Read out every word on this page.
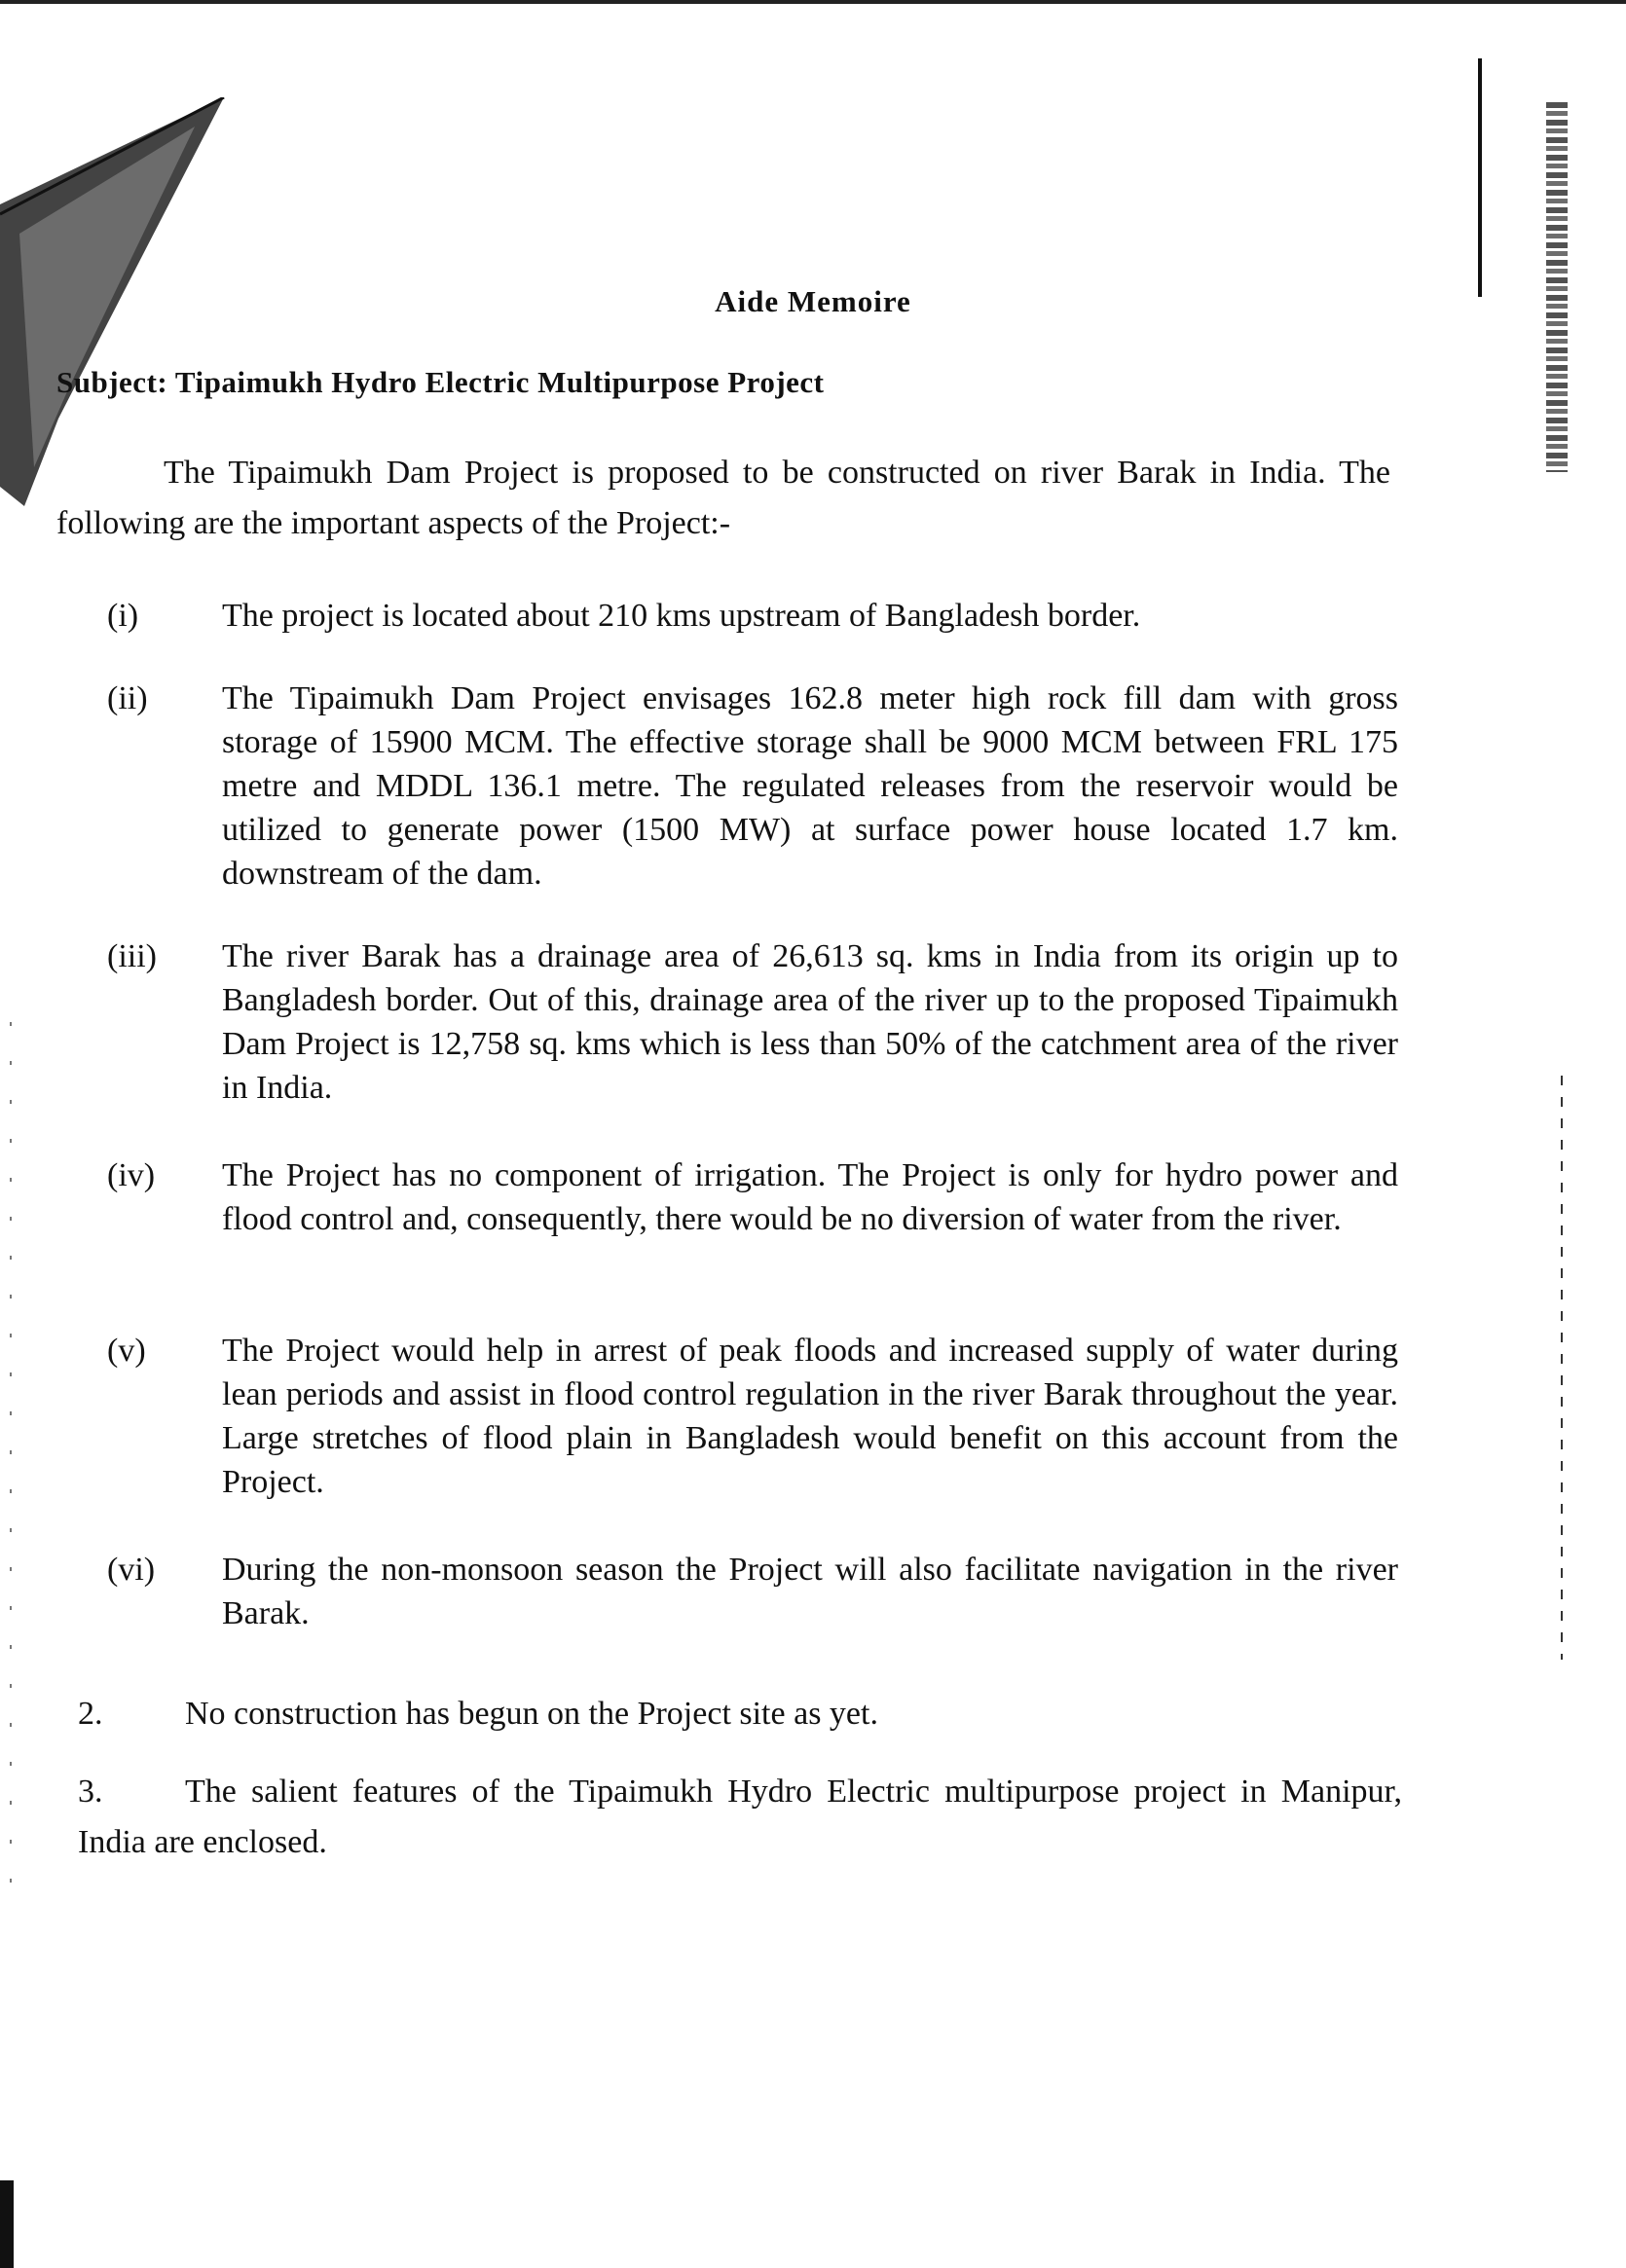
Aide Memoire
Subject: Tipaimukh Hydro Electric Multipurpose Project
The Tipaimukh Dam Project is proposed to be constructed on river Barak in India. The following are the important aspects of the Project:-
(i)	The project is located about 210 kms upstream of Bangladesh border.
(ii)	The Tipaimukh Dam Project envisages 162.8 meter high rock fill dam with gross storage of 15900 MCM. The effective storage shall be 9000 MCM between FRL 175 metre and MDDL 136.1 metre. The regulated releases from the reservoir would be utilized to generate power (1500 MW) at surface power house located 1.7 km. downstream of the dam.
(iii)	The river Barak has a drainage area of 26,613 sq. kms in India from its origin up to Bangladesh border. Out of this, drainage area of the river up to the proposed Tipaimukh Dam Project is 12,758 sq. kms which is less than 50% of the catchment area of the river in India.
(iv)	The Project has no component of irrigation. The Project is only for hydro power and flood control and, consequently, there would be no diversion of water from the river.
(v)	The Project would help in arrest of peak floods and increased supply of water during lean periods and assist in flood control regulation in the river Barak throughout the year. Large stretches of flood plain in Bangladesh would benefit on this account from the Project.
(vi)	During the non-monsoon season the Project will also facilitate navigation in the river Barak.
2.	No construction has begun on the Project site as yet.
3.	The salient features of the Tipaimukh Hydro Electric multipurpose project in Manipur, India are enclosed.
